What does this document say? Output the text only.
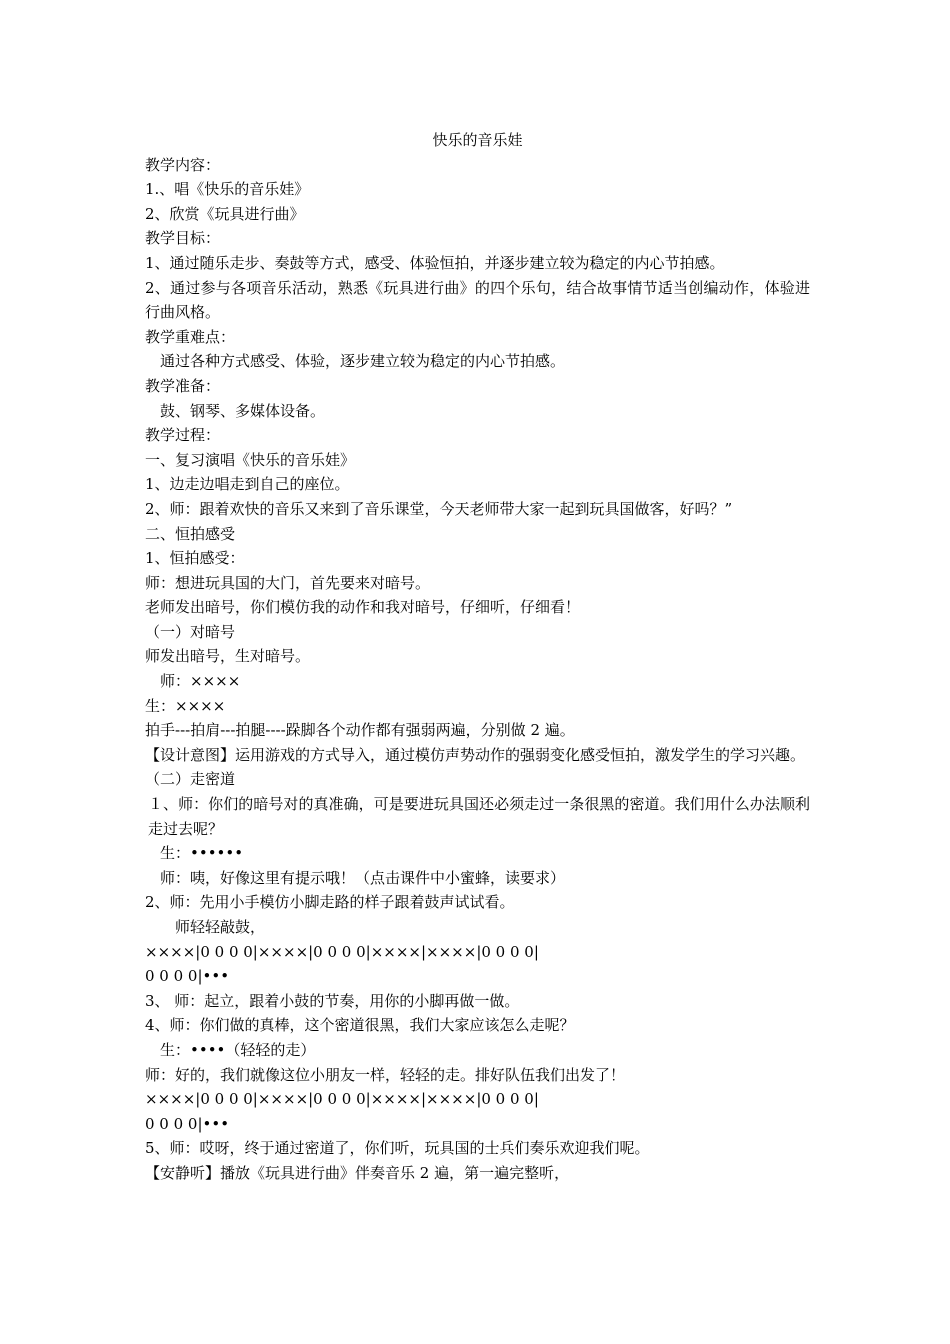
快乐的音乐娃

教学内容：

1.、唱《快乐的音乐娃》

2、欣赏《玩具进行曲》

教学目标：

1、通过随乐走步、奏鼓等方式，感受、体验恒拍，并逐步建立较为稳定的内心节拍感。

2、通过参与各项音乐活动，熟悉《玩具进行曲》的四个乐句，结合故事情节适当创编动作，体验进行曲风格。

教学重难点：

通过各种方式感受、体验，逐步建立较为稳定的内心节拍感。

教学准备：

鼓、钢琴、多媒体设备。

教学过程：

一、复习演唱《快乐的音乐娃》

1、边走边唱走到自己的座位。

2、师：跟着欢快的音乐又来到了音乐课堂，今天老师带大家一起到玩具国做客，好吗？”

二、恒拍感受

1、恒拍感受：

师：想进玩具国的大门，首先要来对暗号。

老师发出暗号，你们模仿我的动作和我对暗号，仔细听，仔细看！

（一）对暗号

师发出暗号，生对暗号。

师：××××

生：××××

拍手---拍肩---拍腿----跺脚各个动作都有强弱两遍，分别做 2 遍。

【设计意图】运用游戏的方式导入，通过模仿声势动作的强弱变化感受恒拍，激发学生的学习兴趣。

（二）走密道

１、师：你们的暗号对的真准确，可是要进玩具国还必须走过一条很黑的密道。我们用什么办法顺利走过去呢？

生：••••••

师：咦，好像这里有提示哦！（点击课件中小蜜蜂，读要求）

2、师：先用小手模仿小脚走路的样子跟着鼓声试试看。

师轻轻敲鼓，

××××|0 0 0 0|××××|0 0 0 0|××××|××××|0 0 0 0|

0 0 0 0|•••

3、 师：起立，跟着小鼓的节奏，用你的小脚再做一做。

4、师：你们做的真棒，这个密道很黑，我们大家应该怎么走呢？

生：••••（轻轻的走）

师：好的，我们就像这位小朋友一样，轻轻的走。排好队伍我们出发了！

××××|0 0 0 0|××××|0 0 0 0|××××|××××|0 0 0 0|

0 0 0 0|•••

5、师：哎呀，终于通过密道了，你们听，玩具国的士兵们奏乐欢迎我们呢。

【安静听】播放《玩具进行曲》伴奏音乐 2 遍，第一遍完整听，
